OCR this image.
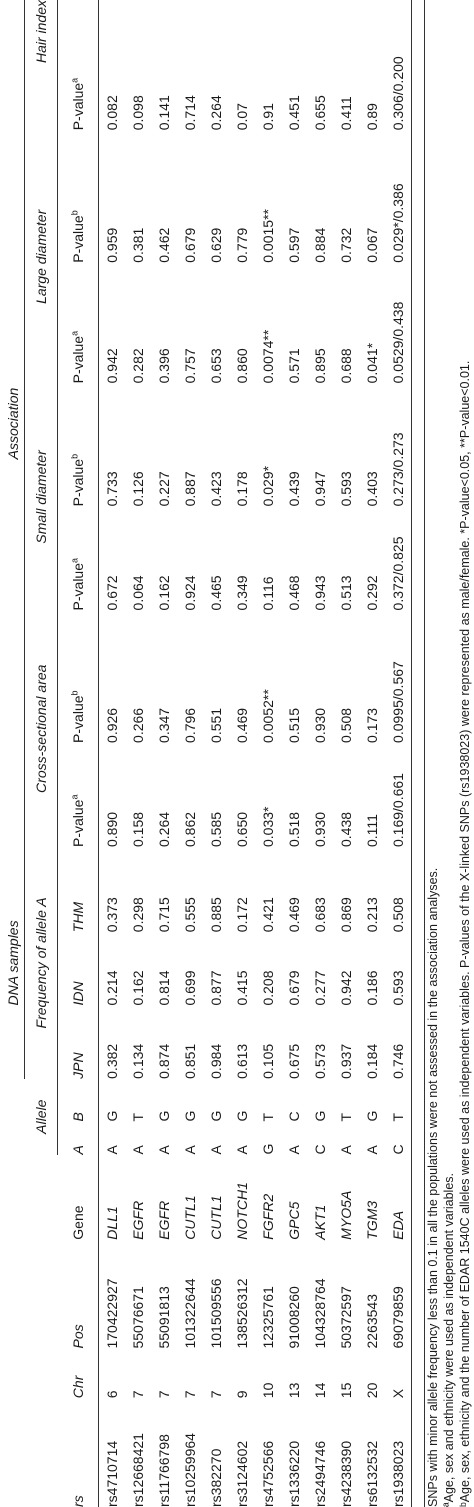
						DNA samples			Association						
				Allele		Frequency of allele A			Cross-sectional area		Small diameter		Large diameter		Hair index
rs	Chr	Pos	Gene	A	B	JPN	IDN	THM	P-value$^a$	P-value$^b$	P-value$^a$	P-value$^b$	P-value$^a$	P-value$^b$	P-value$^a$
rs4710714	6	170422927	DLL1	A	G	0.382	0.214	0.373	0.890	0.926	0.672	0.733	0.942	0.959	0.082
rs12668421	7	55076671	EGFR	A	T	0.134	0.162	0.298	0.158	0.266	0.064	0.126	0.282	0.381	0.098
rs11766798	7	55091813	EGFR	A	G	0.874	0.814	0.715	0.264	0.347	0.162	0.227	0.396	0.462	0.141
rs10259964	7	101322644	CUTL1	A	G	0.851	0.699	0.555	0.862	0.796	0.924	0.887	0.757	0.679	0.714
rs382270	7	101509556	CUTL1	A	G	0.984	0.877	0.885	0.585	0.551	0.465	0.423	0.653	0.629	0.264
rs3124602	9	138526312	NOTCH1	A	G	0.613	0.415	0.172	0.650	0.469	0.349	0.178	0.860	0.779	0.07
rs4752566	10	12325761	FGFR2	G	T	0.105	0.208	0.421	0.033*	0.0052**	0.116	0.029*	0.0074**	0.0015**	0.91
rs1336220	13	91008260	GPC5	A	C	0.675	0.679	0.469	0.518	0.515	0.468	0.439	0.571	0.597	0.451
rs2494746	14	104328764	AKT1	C	G	0.573	0.277	0.683	0.930	0.930	0.943	0.947	0.895	0.884	0.655
rs4238390	15	50372597	MYO5A	A	T	0.937	0.942	0.869	0.438	0.508	0.513	0.593	0.688	0.732	0.411
rs6132532	20	2263543	TGM3	A	G	0.184	0.186	0.213	0.111	0.173	0.292	0.403	0.041*	0.067	0.89
rs1938023	X	69079859	EDA	C	T	0.746	0.593	0.508	0.169/0.661	0.0995/0.567	0.372/0.825	0.273/0.273	0.0529/0.438	0.029*/0.386	0.306/0.200
SNPs with minor allele frequency less than 0.1 in all the populations were not assessed in the association analyses. ªAge, sex and ethnicity were used as independent variables. ᵇAge, sex, ethnicity and the number of EDAR 1540C alleles were used as independent variables. P-values of the X-linked SNPs (rs1938023) were represented as male/female. *P-value<0.05, **P-value<0.01.
